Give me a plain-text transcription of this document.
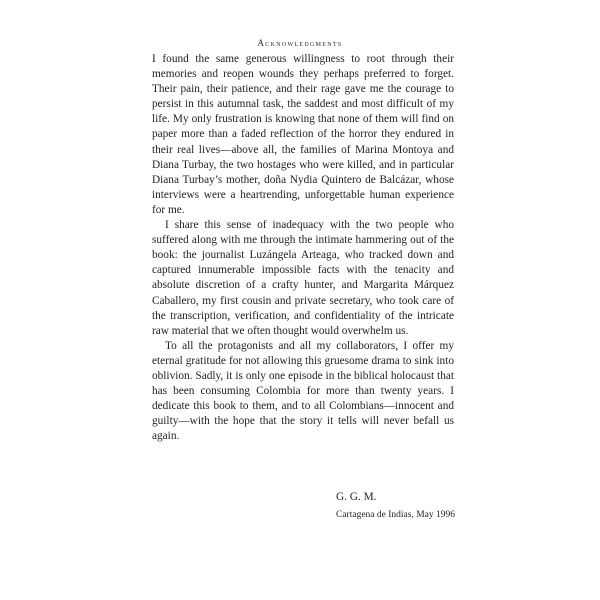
Acknowledgments

I found the same generous willingness to root through their memories and reopen wounds they perhaps preferred to forget. Their pain, their patience, and their rage gave me the courage to persist in this autumnal task, the saddest and most difficult of my life. My only frustration is knowing that none of them will find on paper more than a faded reflection of the horror they endured in their real lives—above all, the families of Marina Montoya and Diana Turbay, the two hostages who were killed, and in particular Diana Turbay’s mother, doña Nydia Quintero de Balcázar, whose interviews were a heartrending, unforgettable human experience for me.

I share this sense of inadequacy with the two people who suffered along with me through the intimate hammering out of the book: the journalist Luzángela Arteaga, who tracked down and captured innumerable impossible facts with the tenacity and absolute discretion of a crafty hunter, and Margarita Márquez Caballero, my first cousin and private secretary, who took care of the transcription, verification, and confidentiality of the intricate raw material that we often thought would overwhelm us.

To all the protagonists and all my collaborators, I offer my eternal gratitude for not allowing this gruesome drama to sink into oblivion. Sadly, it is only one episode in the biblical holocaust that has been consuming Colombia for more than twenty years. I dedicate this book to them, and to all Colombians—innocent and guilty—with the hope that the story it tells will never befall us again.

G. G. M.
Cartagena de Indias, May 1996
